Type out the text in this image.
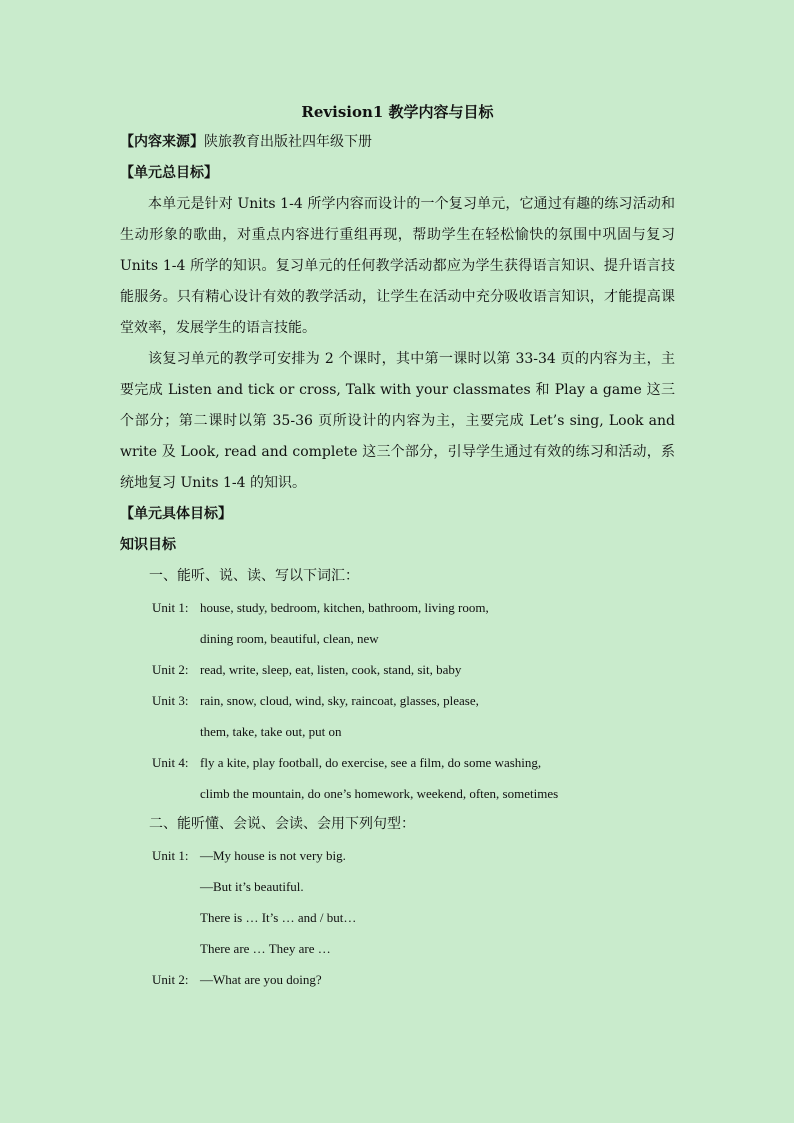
Revision1 教学内容与目标
【内容来源】陕旅教育出版社四年级下册
【单元总目标】

本单元是针对 Units 1-4 所学内容而设计的一个复习单元，它通过有趣的练习活动和生动形象的歌曲，对重点内容进行重组再现，帮助学生在轻松愉快的氛围中巩固与复习 Units 1-4 所学的知识。复习单元的任何教学活动都应为学生获得语言知识、提升语言技能服务。只有精心设计有效的教学活动，让学生在活动中充分吸收语言知识，才能提高课堂效率，发展学生的语言技能。

该复习单元的教学可安排为 2 个课时，其中第一课时以第 33-34 页的内容为主，主要完成 Listen and tick or cross, Talk with your classmates 和 Play a game 这三个部分；第二课时以第 35-36 页所设计的内容为主，主要完成 Let’s sing, Look and write 及 Look, read and complete 这三个部分，引导学生通过有效的练习和活动，系统地复习 Units 1-4 的知识。

【单元具体目标】
知识目标
一、能听、说、读、写以下词汇：
Unit 1: house, study, bedroom, kitchen, bathroom, living room,
dining room, beautiful, clean, new
Unit 2: read, write, sleep, eat, listen, cook, stand, sit, baby
Unit 3: rain, snow, cloud, wind, sky, raincoat, glasses, please,
them, take, take out, put on
Unit 4: fly a kite, play football, do exercise, see a film, do some washing,
climb the mountain, do one’s homework, weekend, often, sometimes
二、能听懂、会说、会读、会用下列句型：
Unit 1: —My house is not very big.
—But it’s beautiful.
There is … It’s … and / but…
There are … They are …
Unit 2: —What are you doing?
